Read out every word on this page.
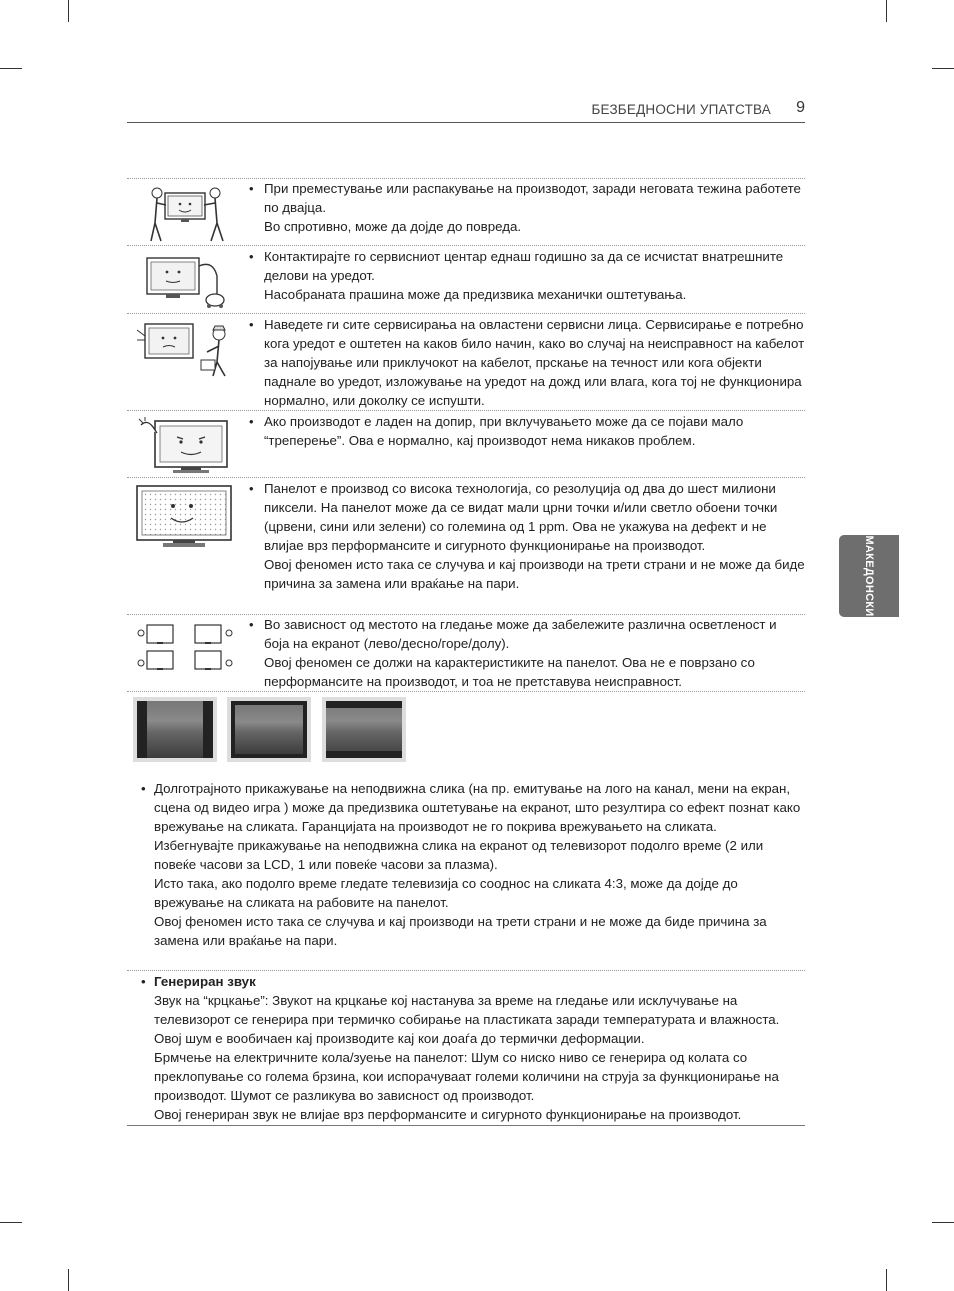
БЕЗБЕДНОСНИ УПАТСТВА 9
МАКЕДОНСКИ
• При преместување или распакување на производот, заради неговата тежина работете по двајца.

Во спротивно, може да дојде до повреда.

• Контактирајте го сервисниот центар еднаш годишно за да се исчистат внатрешните делови на уредот.

Насобраната прашина може да предизвика механички оштетувања.

• Наведете ги сите сервисирања на овластени сервисни лица. Сервисирање е потребно кога уредот е оштетен на каков било начин, како во случај на неисправност на кабелот за напојување или приклучокот на кабелот, прскање на течност или кога објекти падналe во уредот, изложување на уредот на дожд или влага, кога тој не функционира нормално, или доколку се испушти.

• Ако производот е ладен на допир, при вклучувањето може да се појави мало “треперење”. Ова е нормално, кај производот нема никаков проблем.

• Панелот е производ со висока технологија, со резолуција од два до шест милиони пиксели. На панелот може да се видат мали црни точки и/или светло обоени точки (црвени, сини или зелени) со големина од 1 ppm. Ова не укажува на дефект и не влијае врз перформансите и сигурното функционирање на производот.

Овој феномен исто така се случува и кај производи на трети страни и не може да биде причина за замена или враќање на пари.

• Во зависност од местото на гледање може да забележите различна осветленост и боја на екранот (лево/десно/горе/долу).

Овој феномен се должи на карактеристиките на панелот. Ова не е поврзано со перформансите на производот, и тоа не претставува неисправност.

• Долготрајното прикажување на неподвижна слика (на пр. емитување на лого на канал, мени на екран, сцена од видео игра ) може да предизвика оштетување на екранот, што резултира со ефект познат како врежување на сликата. Гаранцијата на производот не го покрива врежувањето на сликата.

Избегнувајте прикажување на неподвижна слика на екранот од телевизорот подолго време (2 или повеќе часови за LCD, 1 или повеќе часови за плазма).

Исто така, ако подолго време гледате телевизија со соодноc на сликата 4:3, може да дојде до врежување на сликата на рабовите на панелот.

Овој феномен исто така се случува и кај производи на трети страни и не може да биде причина за замена или враќање на пари.

• Генериран звук

Звук на “крцкање”: Звукот на крцкање кој настанува за време на гледање или исклучување на телевизорот се генерира при термичко собирање на пластиката заради температурата и влажноста. Овој шум е вообичаен кај производите кај кои доаѓа до термички деформации.

Брмчење на електричните кола/зуење на панелот: Шум со ниско ниво се генерира од колата со преклопување со голема брзина, кои испорачуваат големи количини на струја за функционирање на производот. Шумот се разликува во зависност од производот.

Овој генериран звук не влијае врз перформансите и сигурното функционирање на производот.
